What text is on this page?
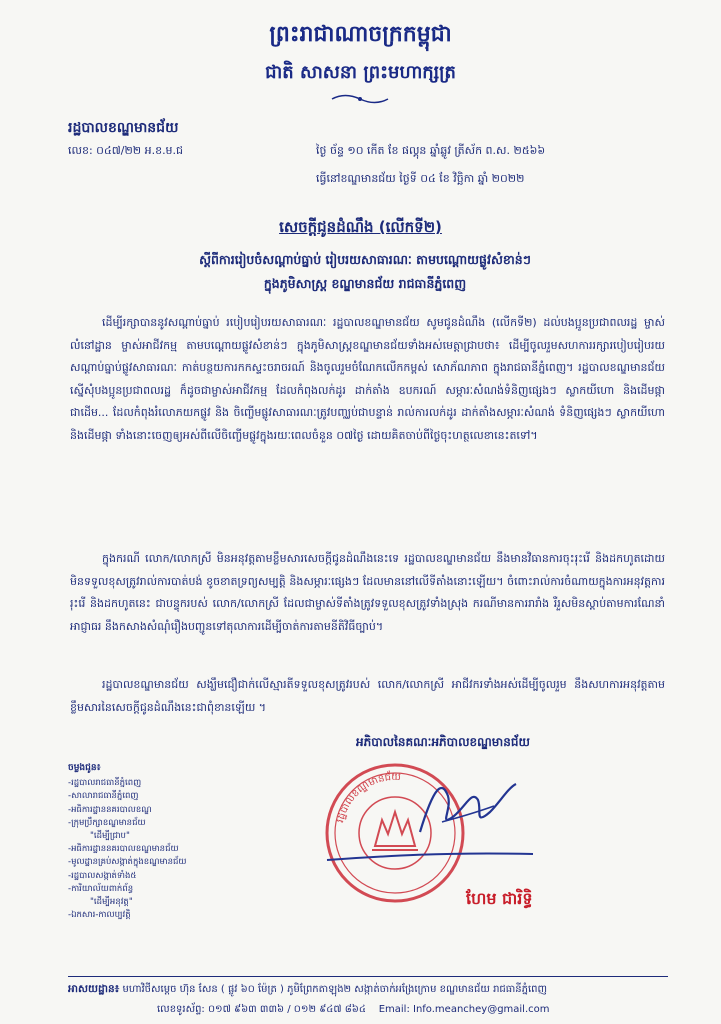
ព្រះរាជាណាចក្រកម្ពុជា
ជាតិ សាសនា ព្រះមហាក្សត្រ
រដ្ឋបាលខណ្ឌមានជ័យ
លេខ: ០៤៧/២២ អ.ខ.ម.ជ	ថ្ងៃ ច័ន្ទ ១០ កើត ខែ ផល្គុន ឆ្នាំឆ្លូវ ត្រីស័ក ព.ស. ២៥៦៦
ធ្វើនៅខណ្ឌមានជ័យ ថ្ងៃទី ០៤ ខែ វិច្ឆិកា ឆ្នាំ ២០២២
សេចក្តីជូនដំណឹង (លើកទី២)
ស្តីពីការរៀបចំសណ្តាប់ធ្នាប់ រៀបរយសាធារណៈ តាមបណ្តោយផ្លូវសំខាន់ៗ
ក្នុងភូមិសាស្ត្រ ខណ្ឌមានជ័យ រាជធានីភ្នំពេញ
ដើម្បីរក្សាបាននូវសណ្តាប់ធ្នាប់ របៀបរៀបរយសាធារណៈ រដ្ឋបាលខណ្ឌមានជ័យ សូមជូនដំណឹង (លើកទី២) ដល់បងប្អូនប្រជាពលរដ្ឋ ម្ចាស់លំនៅដ្ឋាន ម្ចាស់អាជីវកម្ម តាមបណ្តោយផ្លូវសំខាន់ៗ ក្នុងភូមិសាស្ត្រខណ្ឌមានជ័យទាំងអស់មេត្តាជ្រាបថា៖ ដើម្បីចូលរួមសហការរក្សារបៀបរៀបរយ សណ្តាប់ធ្នាប់ផ្លូវសាធារណៈ កាត់បន្ថយការកកស្ទះចរាចរណ៍ និងចូលរួមចំណែកលើកកម្ពស់ សោភ័ណភាព ក្នុងរាជធានីភ្នំពេញ។ រដ្ឋបាលខណ្ឌមានជ័យ ស្នើសុំបងប្អូនប្រជាពលរដ្ឋ ក៏ដូចជាម្ចាស់អាជីវកម្ម ដែលកំពុងលក់ដូរ ដាក់តាំង ឧបករណ៍ សម្ភារៈសំណង់ទំនិញផ្សេងៗ ស្លាកយីហោ និងដើមផ្កាជាដើម... ដែលកំពុងរំលោភយកផ្លូវ និង ចិញ្ចើមផ្លូវសាធារណៈត្រូវបញ្ឈប់ជាបន្ទាន់ រាល់ការលក់ដូរ ដាក់តាំងសម្ភារៈសំណង់ ទំនិញផ្សេងៗ ស្លាកយីហោ និងដើមផ្កា ទាំងនោះចេញឲ្យអស់ពីលើចិញ្ចើមផ្លូវក្នុងរយៈពេលចំនួន ០៧ថ្ងៃ ដោយគិតចាប់ពីថ្ងៃចុះហត្ថលេខានេះតទៅ។
ក្នុងករណី លោក/លោកស្រី មិនអនុវត្តតាមខ្លឹមសារសេចក្តីជូនដំណឹងនេះទេ រដ្ឋបាលខណ្ឌមានជ័យ នឹងមានវិធានការចុះរុះរើ និងដកហូតដោយមិនទទួលខុសត្រូវរាល់ការបាត់បង់ ខូចខាតទ្រព្យសម្បត្តិ និងសម្ភារៈផ្សេងៗ ដែលមាននៅលើទីតាំងនោះឡើយ។ ចំពោះរាល់ការចំណាយក្នុងការអនុវត្តការរុះរើ និងដកហូតនេះ ជាបន្ទុករបស់ លោក/លោកស្រី ដែលជាម្ចាស់ទីតាំងត្រូវទទួលខុសត្រូវទាំងស្រុង ករណីមានការរារាំង រឺរួសមិនស្តាប់តាមការណែនាំអាជ្ញាធរ នឹងកសាងសំណុំរឿងបញ្ជូនទៅតុលាការដើម្បីចាត់ការតាមនីតិវិធីច្បាប់។
រដ្ឋបាលខណ្ឌមានជ័យ សង្ឃឹមជឿជាក់លើស្មារតីទទួលខុសត្រូវរបស់ លោក/លោកស្រី អាជីវករទាំងអស់ដើម្បីចូលរួម នឹងសហការអនុវត្តតាមខ្លឹមសារនៃសេចក្តីជូនដំណឹងនេះជាពុំខានឡើយ ។
អភិបាលនៃគណៈអភិបាលខណ្ឌមានជ័យ
ចម្លងជូន៖
-រដ្ឋបាលរាជធានីភ្នំពេញ
-សាលារាជធានីភ្នំពេញ
-អធិការដ្ឋាននគរបាលខណ្ឌ
-ក្រុមប្រឹក្សាខណ្ឌមានជ័យ
"ដើម្បីជ្រាប"
-អធិការដ្ឋាននគរបាលខណ្ឌមានជ័យ
-មូលដ្ឋានគ្រប់សង្កាត់ក្នុងខណ្ឌមានជ័យ
-រដ្ឋបាលសង្កាត់ទាំង៥
-ការិយាល័យពាក់ព័ន្ធ
"ដើម្បីអនុវត្ត"
-ឯកសារ-កាលប្បវត្តិ
រដ្ឋបាលខណ្ឌមានជ័យ
ហែម ជារិទ្ធិ
អាសយដ្ឋាន៖ មហាវិថីសម្តេច ហ៊ុន សែន ( ផ្លូវ ៦០ ម៉ែត្រ ) ភូមិព្រែកតាឡុង២ សង្កាត់ចាក់អង្រែក្រោម ខណ្ឌមានជ័យ រាជធានីភ្នំពេញ
លេខទូរស័ព្ទ: ០១៧ ៩៦៣ ៣៣៦ / ០១២ ៩៤៧ ៨៦៤ Email: Info.meanchey@gmail.com
